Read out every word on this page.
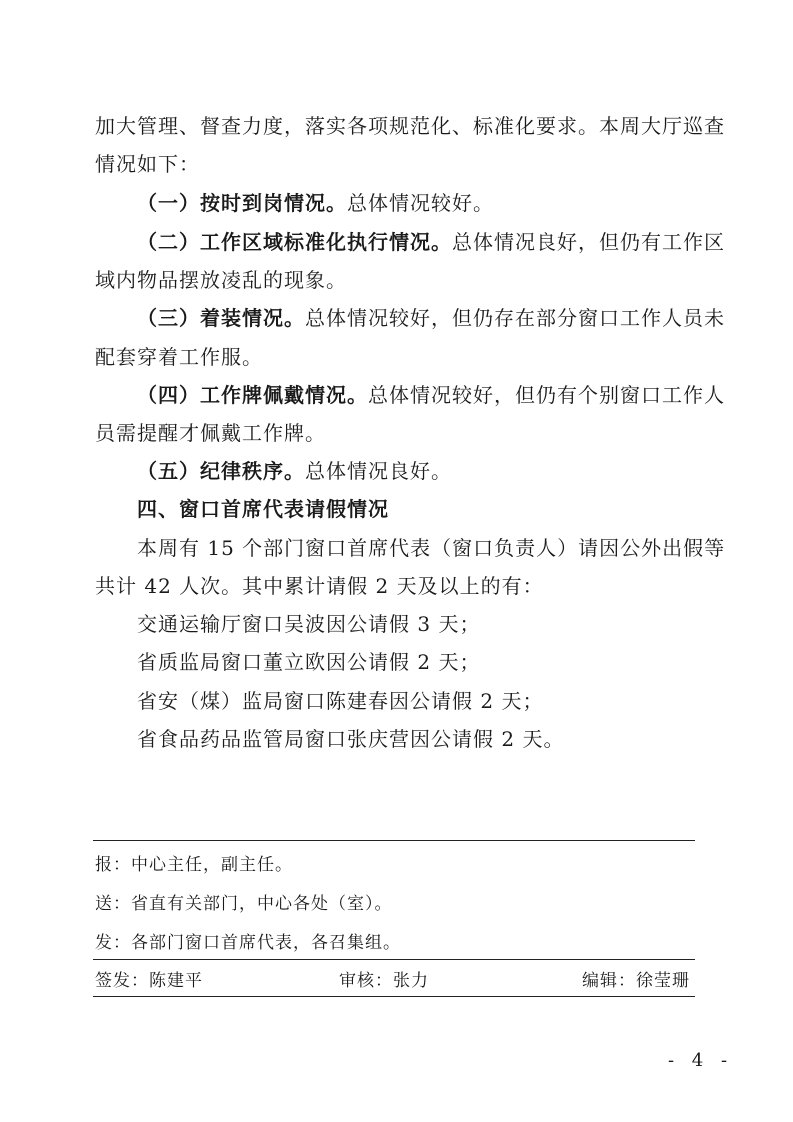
加大管理、督查力度，落实各项规范化、标准化要求。本周大厅巡查
情况如下：
（一）按时到岗情况。总体情况较好。
（二）工作区域标准化执行情况。总体情况良好，但仍有工作区
域内物品摆放凌乱的现象。
（三）着装情况。总体情况较好，但仍存在部分窗口工作人员未
配套穿着工作服。
（四）工作牌佩戴情况。总体情况较好，但仍有个别窗口工作人
员需提醒才佩戴工作牌。
（五）纪律秩序。总体情况良好。
四、窗口首席代表请假情况
本周有 15 个部门窗口首席代表（窗口负责人）请因公外出假等
共计 42 人次。其中累计请假 2 天及以上的有：
交通运输厅窗口吴波因公请假 3 天；
省质监局窗口董立欧因公请假 2 天；
省安（煤）监局窗口陈建春因公请假 2 天；
省食品药品监管局窗口张庆营因公请假 2 天。
报：中心主任，副主任。
送：省直有关部门，中心各处（室）。
发：各部门窗口首席代表，各召集组。
签发：陈建平	审核：张力	编辑：徐莹珊
- 4 -
